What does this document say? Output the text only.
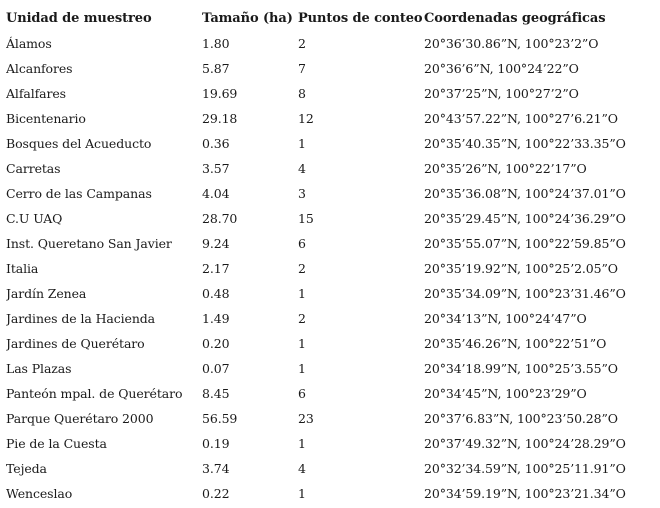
Unidad de muestreo	Tamaño (ha)	Puntos de conteo	Coordenadas geográficas
Álamos	1.80	2	20°36’30.86”N, 100°23’2”O
Alcanfores	5.87	7	20°36’6”N, 100°24’22”O
Alfalfares	19.69	8	20°37’25”N, 100°27’2”O
Bicentenario	29.18	12	20°43’57.22”N, 100°27’6.21”O
Bosques del Acueducto	0.36	1	20°35’40.35”N, 100°22’33.35”O
Carretas	3.57	4	20°35’26”N, 100°22’17”O
Cerro de las Campanas	4.04	3	20°35’36.08”N, 100°24’37.01”O
C.U UAQ	28.70	15	20°35’29.45”N, 100°24’36.29”O
Inst. Queretano San Javier	9.24	6	20°35’55.07”N, 100°22’59.85”O
Italia	2.17	2	20°35’19.92”N, 100°25’2.05”O
Jardín Zenea	0.48	1	20°35’34.09”N, 100°23’31.46”O
Jardines de la Hacienda	1.49	2	20°34’13”N, 100°24’47”O
Jardines de Querétaro	0.20	1	20°35’46.26”N, 100°22’51”O
Las Plazas	0.07	1	20°34’18.99”N, 100°25’3.55”O
Panteón mpal. de Querétaro	8.45	6	20°34’45”N, 100°23’29”O
Parque Querétaro 2000	56.59	23	20°37’6.83”N, 100°23’50.28”O
Pie de la Cuesta	0.19	1	20°37’49.32”N, 100°24’28.29”O
Tejeda	3.74	4	20°32’34.59”N, 100°25’11.91”O
Wenceslao	0.22	1	20°34’59.19”N, 100°23’21.34”O
